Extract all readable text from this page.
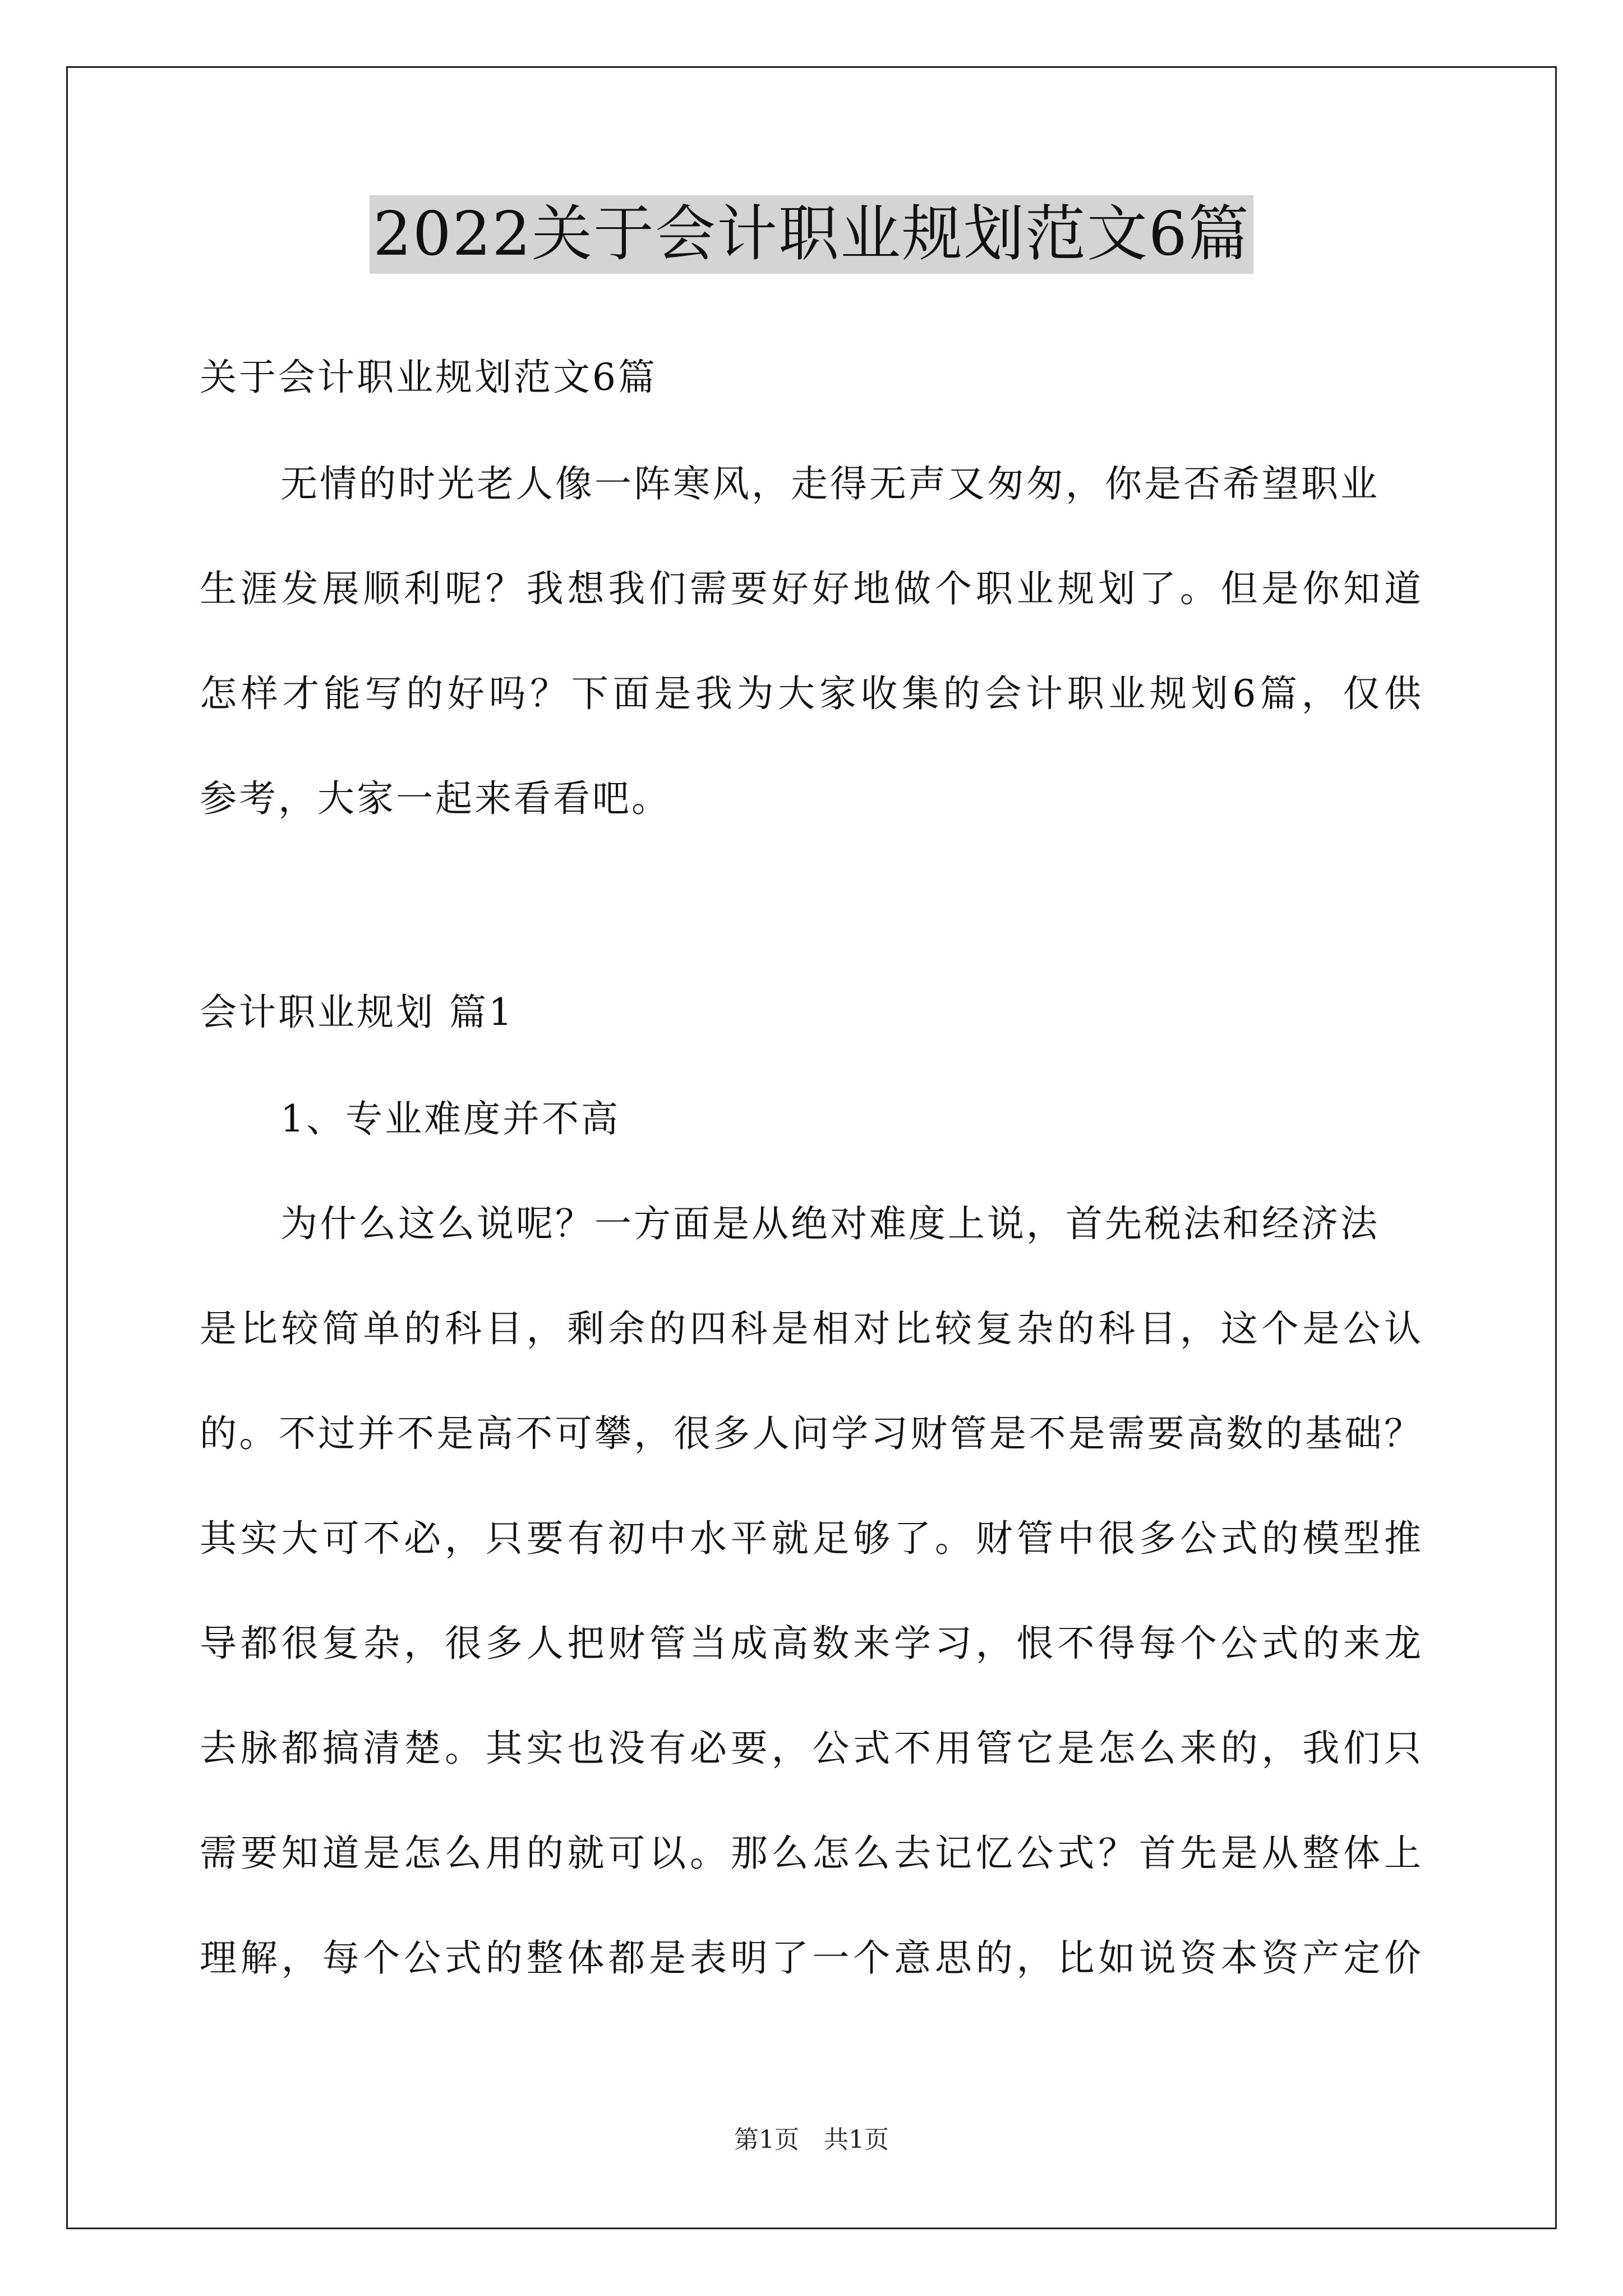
2022关于会计职业规划范文6篇
关于会计职业规划范文6篇
无情的时光老人像一阵寒风，走得无声又匆匆，你是否希望职业
生涯发展顺利呢？我想我们需要好好地做个职业规划了。但是你知道
怎样才能写的好吗？下面是我为大家收集的会计职业规划6篇，仅供
参考，大家一起来看看吧。
会计职业规划 篇1
1、专业难度并不高
为什么这么说呢？一方面是从绝对难度上说，首先税法和经济法
是比较简单的科目，剩余的四科是相对比较复杂的科目，这个是公认
的。不过并不是高不可攀，很多人问学习财管是不是需要高数的基础？
其实大可不必，只要有初中水平就足够了。财管中很多公式的模型推
导都很复杂，很多人把财管当成高数来学习，恨不得每个公式的来龙
去脉都搞清楚。其实也没有必要，公式不用管它是怎么来的，我们只
需要知道是怎么用的就可以。那么怎么去记忆公式？首先是从整体上
理解，每个公式的整体都是表明了一个意思的，比如说资本资产定价
第1页　共1页
